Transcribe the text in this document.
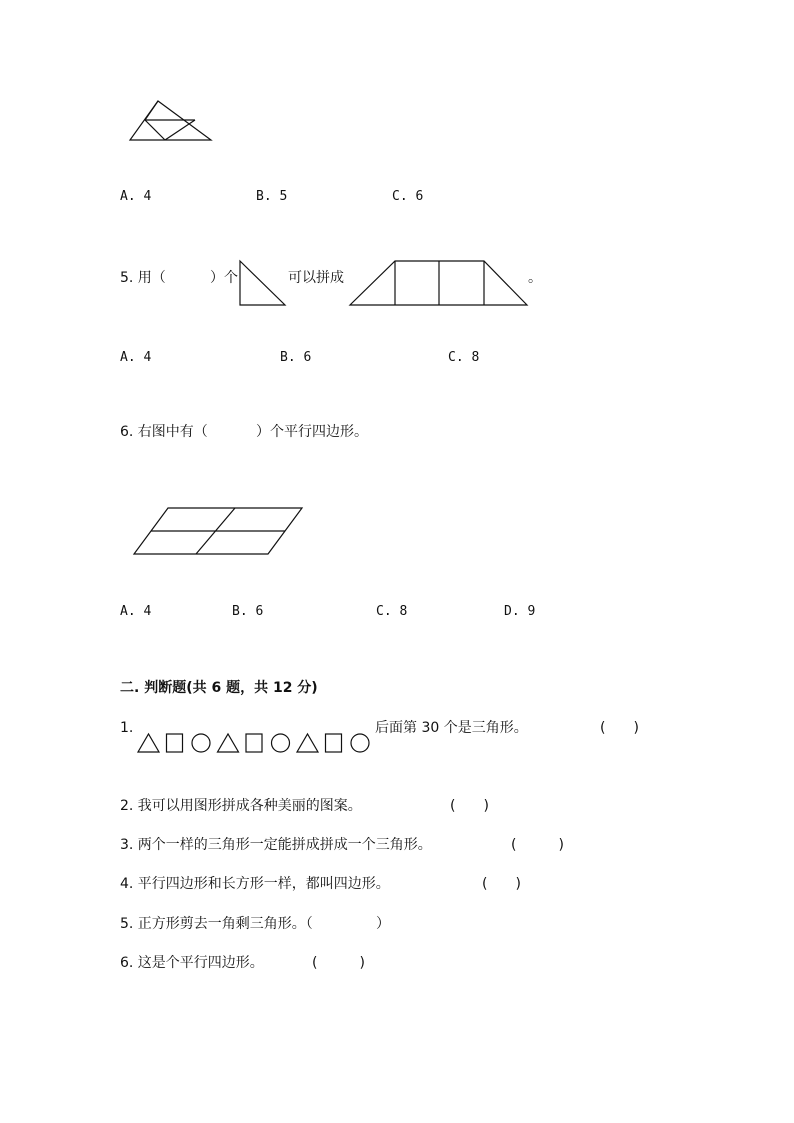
A. 4	B. 5	C. 6
5. 用（	）个	可以拼成	。
A. 4	B. 6	C. 8
6. 右图中有（	）个平行四边形。
A. 4	B. 6	C. 8	D. 9
二. 判断题(共 6 题，共 12 分)
1.	后面第 30 个是三角形。	(　　)
2. 我可以用图形拼成各种美丽的图案。	(　　)
3. 两个一样的三角形一定能拼成拼成一个三角形。	(　　　)
4. 平行四边形和长方形一样，都叫四边形。	(　　)
5. 正方形剪去一角剩三角形。（	）
6. 这是个平行四边形。	(　　　)
